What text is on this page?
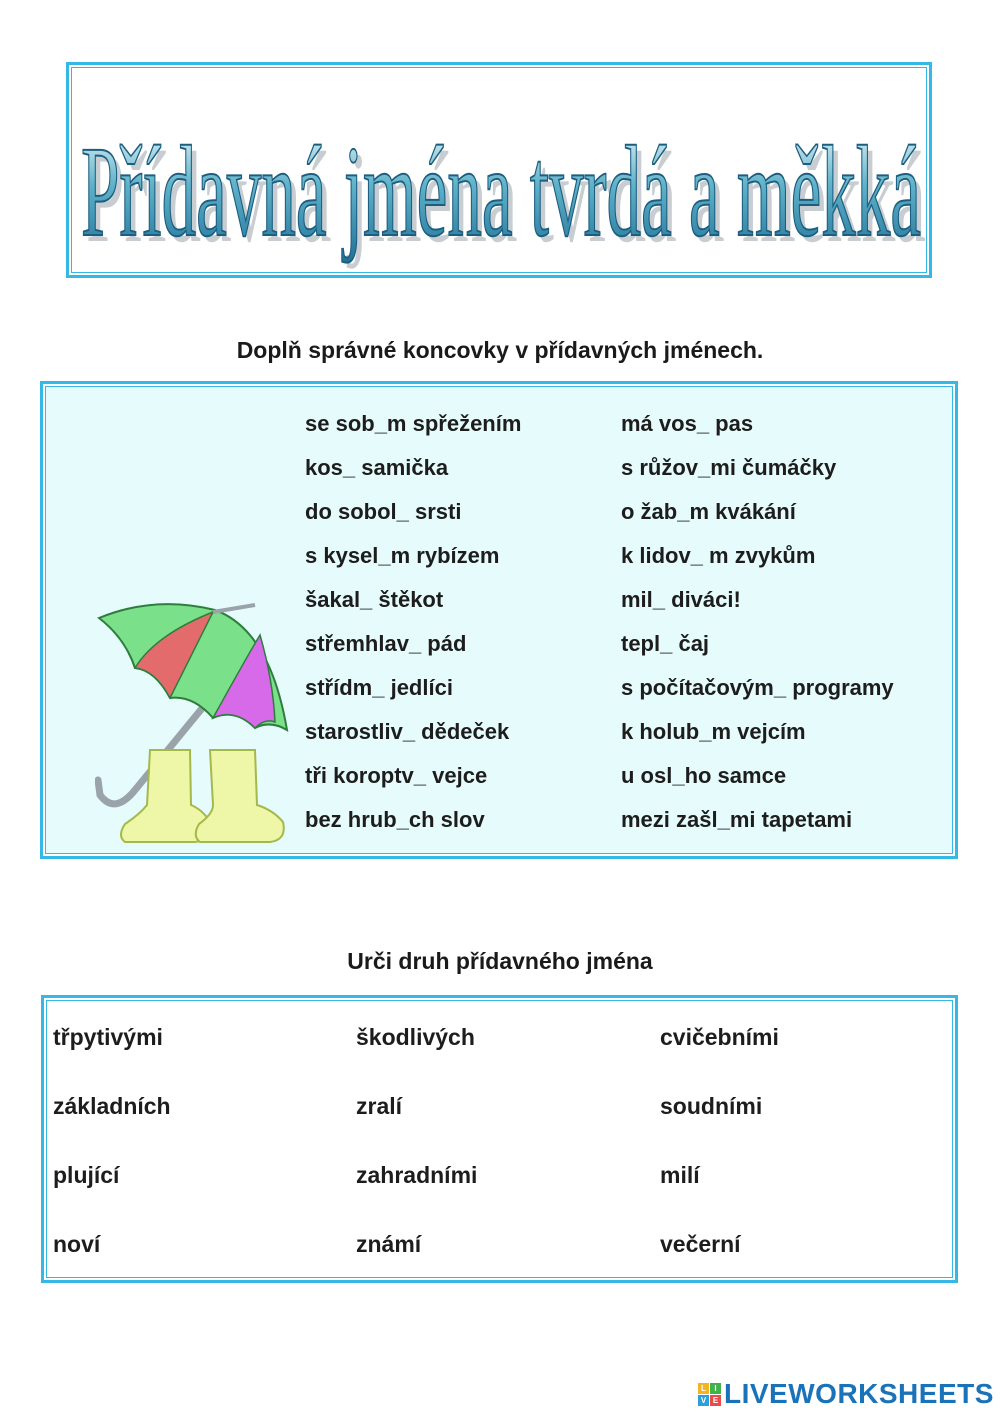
Přídavná jména tvrdá a měkká
Přídavná jména tvrdá a měkká
Doplň správné koncovky v přídavných jménech.
se sob_m spřežením
kos_ samička
do sobol_ srsti
s kysel_m rybízem
šakal_ štěkot
střemhlav_ pád
střídm_ jedlíci
starostliv_ dědeček
tři koroptv_ vejce
bez hrub_ch slov
má vos_ pas
s růžov_mi čumáčky
o žab_m kvákání
k lidov_ m zvykům
mil_ diváci!
tepl_ čaj
s počítačovým_ programy
k holub_m vejcím
u osl_ho samce
mezi zašl_mi tapetami
Urči druh přídavného jména
třpytivými	škodlivých	cvičebními
základních	zralí	soudními
plující	zahradními	milí
noví	známí	večerní
L	I
V E LIVEWORKSHEETS
